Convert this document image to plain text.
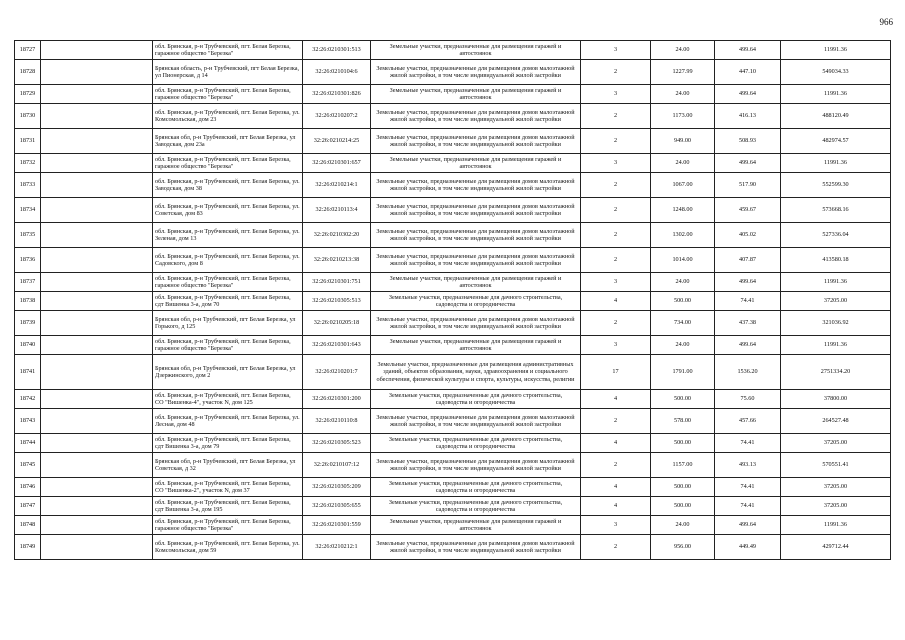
966
18727		обл. Брянская, р-н Трубчевский, пгт. Белая Березка, гаражное общество "Березка"	32:26:0210301:513	Земельные участки, предназначенные для размещения гаражей и автостоянок	3	24.00	499.64	11991.36
18728		Брянская область, р-н Трубчевский, пгт Белая Березка, ул Пионерская, д 14	32:26:0210104:6	Земельные участки, предназначенные для размещения домов малоэтажной жилой застройки, в том числе индивидуальной жилой застройки	2	1227.99	447.10	549034.33
18729		обл. Брянская, р-н Трубчевский, пгт. Белая Березка, гаражное общество "Березка"	32:26:0210301:826	Земельные участки, предназначенные для размещения гаражей и автостоянок	3	24.00	499.64	11991.36
18730		обл. Брянская, р-н Трубчевский, пгт. Белая Березка, ул. Комсомольская, дом 23	32:26:0210207:2	Земельные участки, предназначенные для размещения домов малоэтажной жилой застройки, в том числе индивидуальной жилой застройки	2	1173.00	416.13	488120.49
18731		Брянская обл, р-н Трубчевский, пгт Белая Березка, ул Заводская, дом 23а	32:26:0210214:25	Земельные участки, предназначенные для размещения домов малоэтажной жилой застройки, в том числе индивидуальной жилой застройки	2	949.00	508.93	482974.57
18732		обл. Брянская, р-н Трубчевский, пгт. Белая Березка, гаражное общество "Березка"	32:26:0210301:657	Земельные участки, предназначенные для размещения гаражей и автостоянок	3	24.00	499.64	11991.36
18733		обл. Брянская, р-н Трубчевский, пгт. Белая Березка, ул. Заводская, дом 38	32:26:0210214:1	Земельные участки, предназначенные для размещения домов малоэтажной жилой застройки, в том числе индивидуальной жилой застройки	2	1067.00	517.90	552599.30
18734		обл. Брянская, р-н Трубчевский, пгт. Белая Березка, ул. Советская, дом 83	32:26:0210113:4	Земельные участки, предназначенные для размещения домов малоэтажной жилой застройки, в том числе индивидуальной жилой застройки	2	1248.00	459.67	573668.16
18735		обл. Брянская, р-н Трубчевский, пгт. Белая Березка, ул. Зеленая, дом 13	32:26:0210302:20	Земельные участки, предназначенные для размещения домов малоэтажной жилой застройки, в том числе индивидуальной жилой застройки	2	1302.00	405.02	527336.04
18736		обл. Брянская, р-н Трубчевский, пгт. Белая Березка, ул. Садовского, дом 8	32:26:0210213:38	Земельные участки, предназначенные для размещения домов малоэтажной жилой застройки, в том числе индивидуальной жилой застройки	2	1014.00	407.87	413580.18
18737		обл. Брянская, р-н Трубчевский, пгт. Белая Березка, гаражное общество "Березка"	32:26:0210301:751	Земельные участки, предназначенные для размещения гаражей и автостоянок	3	24.00	499.64	11991.36
18738		обл. Брянская, р-н Трубчевский, пгт. Белая Березка, сдт Вишенка 3-а, дом 70	32:26:0210305:513	Земельные участки, предназначенные для дачного строительства, садоводства и огородничества	4	500.00	74.41	37205.00
18739		Брянская обл, р-н Трубчевский, пгт Белая Березка, ул Горького, д 125	32:26:0210205:18	Земельные участки, предназначенные для размещения домов малоэтажной жилой застройки, в том числе индивидуальной жилой застройки	2	734.00	437.38	321036.92
18740		обл. Брянская, р-н Трубчевский, пгт. Белая Березка, гаражное общество "Березка"	32:26:0210301:643	Земельные участки, предназначенные для размещения гаражей и автостоянок	3	24.00	499.64	11991.36
18741		Брянская обл, р-н Трубчевский, пгт Белая Березка, ул Дзержинского, дом 2	32:26:0210201:7	Земельные участки, предназначенные для размещения административных зданий, объектов образования, науки, здравоохранения и социального обеспечения, физической культуры и спорта, культуры, искусства, религии	17	1791.00	1536.20	2751334.20
18742		обл. Брянская, р-н Трубчевский, пгт. Белая Березка, СО "Вишенка-4", участок N, дом 125	32:26:0210301:200	Земельные участки, предназначенные для дачного строительства, садоводства и огородничества	4	500.00	75.60	37800.00
18743		обл. Брянская, р-н Трубчевский, пгт. Белая Березка, ул. Лесная, дом 48	32:26:0210110:8	Земельные участки, предназначенные для размещения домов малоэтажной жилой застройки, в том числе индивидуальной жилой застройки	2	578.00	457.66	264527.48
18744		обл. Брянская, р-н Трубчевский, пгт. Белая Березка, сдт Вишенка 3-а, дом 79	32:26:0210305:523	Земельные участки, предназначенные для дачного строительства, садоводства и огородничества	4	500.00	74.41	37205.00
18745		Брянская обл, р-н Трубчевский, пгт Белая Березка, ул Советская, д 32	32:26:0210107:12	Земельные участки, предназначенные для размещения домов малоэтажной жилой застройки, в том числе индивидуальной жилой застройки	2	1157.00	493.13	570551.41
18746		обл. Брянская, р-н Трубчевский, пгт. Белая Березка, СО "Вишенка-2", участок N, дом 37	32:26:0210305:209	Земельные участки, предназначенные для дачного строительства, садоводства и огородничества	4	500.00	74.41	37205.00
18747		обл. Брянская, р-н Трубчевский, пгт. Белая Березка, сдт Вишенка 3-а, дом 195	32:26:0210305:655	Земельные участки, предназначенные для дачного строительства, садоводства и огородничества	4	500.00	74.41	37205.00
18748		обл. Брянская, р-н Трубчевский, пгт. Белая Березка, гаражное общество "Березка"	32:26:0210301:559	Земельные участки, предназначенные для размещения гаражей и автостоянок	3	24.00	499.64	11991.36
18749		обл. Брянская, р-н Трубчевский, пгт. Белая Березка, ул. Комсомольская, дом 59	32:26:0210212:1	Земельные участки, предназначенные для размещения домов малоэтажной жилой застройки, в том числе индивидуальной жилой застройки	2	956.00	449.49	429712.44
